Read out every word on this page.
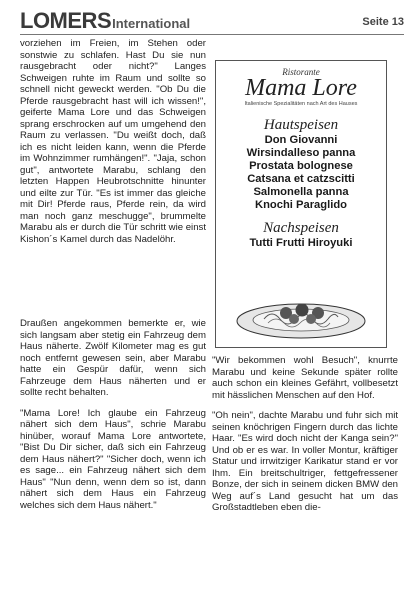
LOMERSInternational	Seite 13

vorziehen im Freien, im Stehen oder sonstwie zu schlafen. Hast Du sie nun rausgebracht oder nicht?" Langes Schweigen ruhte im Raum und sollte so schnell nicht geweckt werden. "Ob Du die Pferde rausgebracht hast will ich wissen!", geiferte Mama Lore und das Schweigen sprang erschrocken auf um umgehend den Raum zu verlassen. "Du weißt doch, daß ich es nicht leiden kann, wenn die Pferde im Wohnzimmer rumhängen!". "Jaja, schon gut", antwortete Marabu, schlang den letzten Happen Heubrotschnitte hinunter und eilte zur Tür. "Es ist immer das gleiche mit Dir! Pferde raus, Pferde rein, da wird man noch ganz meschugge", brummelte Marabu als er durch die Tür schritt wie einst Kishon´s Kamel durch das Nadelöhr.

Draußen angekommen bemerkte er, wie sich langsam aber stetig ein Fahrzeug dem Haus näherte. Zwölf Kilometer mag es gut noch entfernt gewesen sein, aber Marabu hatte ein Gespür dafür, wenn sich Fahrzeuge dem Haus näherten und er sollte recht behalten.

"Mama Lore! Ich glaube ein Fahrzeug nähert sich dem Haus", schrie Marabu hinüber, worauf Mama Lore antwortete, "Bist Du Dir sicher, daß sich ein Fahrzeug dem Haus nähert?" "Sicher doch, wenn ich es sage... ein Fahrzeug nähert sich dem Haus" "Nun denn, wenn dem so ist, dann nähert sich dem Haus ein Fahrzeug welches sich dem Haus nähert."

Ristorante
Mama Lore
Italienische Spezialitäten nach Art des Hauses
Hautspeisen
Don Giovanni
Wirsindalleso panna
Prostata bolognese
Catsana et catzscitti
Salmonella panna
Knochi Paraglido
Nachspeisen
Tutti Frutti Hiroyuki

"Wir bekommen wohl Besuch", knurrte Marabu und keine Sekunde später rollte auch schon ein kleines Gefährt, vollbesetzt mit hässlichen Menschen auf den Hof.

"Oh nein", dachte Marabu und fuhr sich mit seinen knöchrigen Fingern durch das lichte Haar. "Es wird doch nicht der Kanga sein?" Und ob er es war. In voller Montur, kräftiger Statur und irrwitziger Karikatur stand er vor Ihm. Ein breitschultriger, fettgefressener Bonze, der sich in seinem dicken BMW den Weg auf´s Land gesucht hat um das Großstadtleben eben die-
